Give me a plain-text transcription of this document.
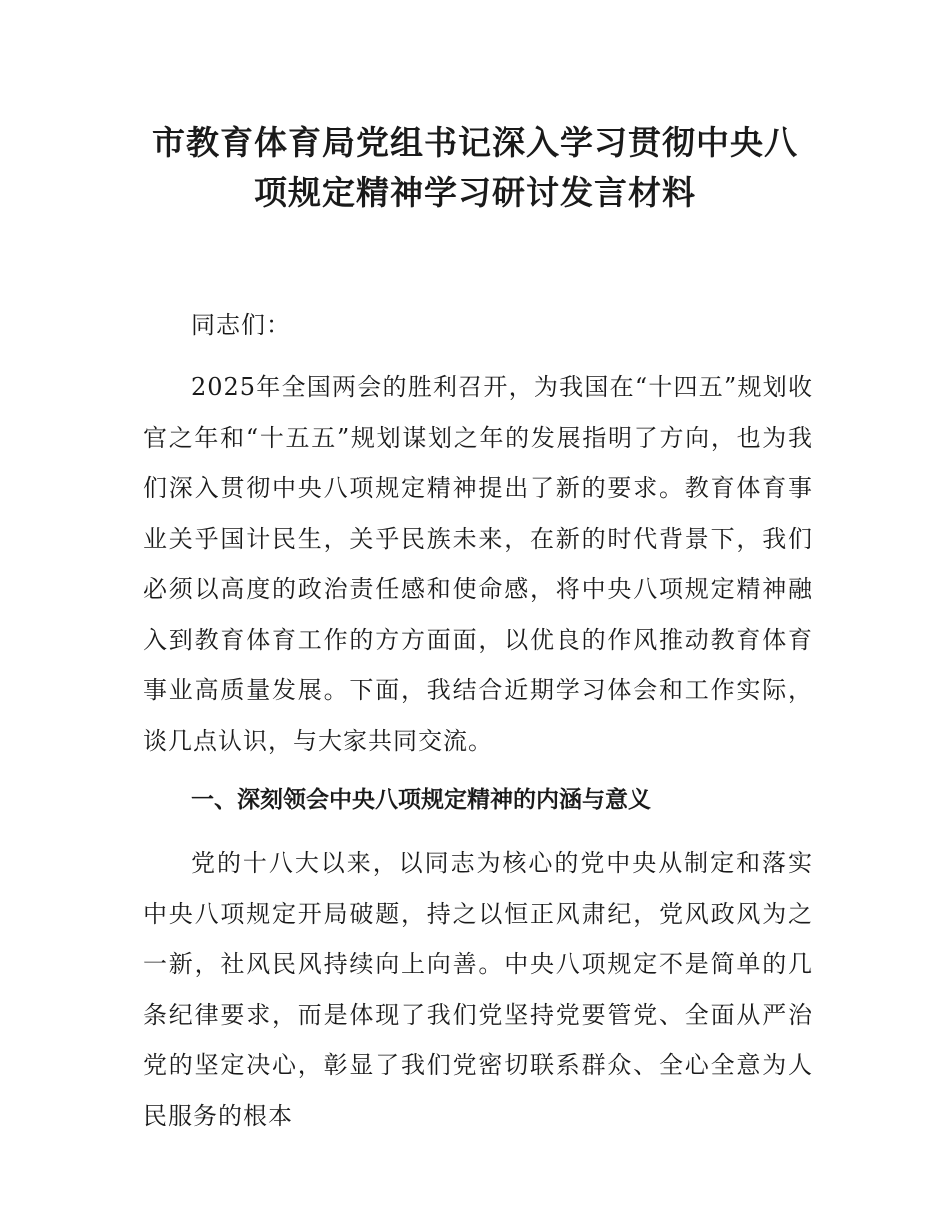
市教育体育局党组书记深入学习贯彻中央八
项规定精神学习研讨发言材料

同志们：

2025年全国两会的胜利召开，为我国在“十四五”规划收官之年和“十五五”规划谋划之年的发展指明了方向，也为我们深入贯彻中央八项规定精神提出了新的要求。教育体育事业关乎国计民生，关乎民族未来，在新的时代背景下，我们必须以高度的政治责任感和使命感，将中央八项规定精神融入到教育体育工作的方方面面，以优良的作风推动教育体育事业高质量发展。下面，我结合近期学习体会和工作实际，谈几点认识，与大家共同交流。

一、深刻领会中央八项规定精神的内涵与意义

党的十八大以来，以同志为核心的党中央从制定和落实中央八项规定开局破题，持之以恒正风肃纪，党风政风为之一新，社风民风持续向上向善。中央八项规定不是简单的几条纪律要求，而是体现了我们党坚持党要管党、全面从严治党的坚定决心，彰显了我们党密切联系群众、全心全意为人民服务的根本
